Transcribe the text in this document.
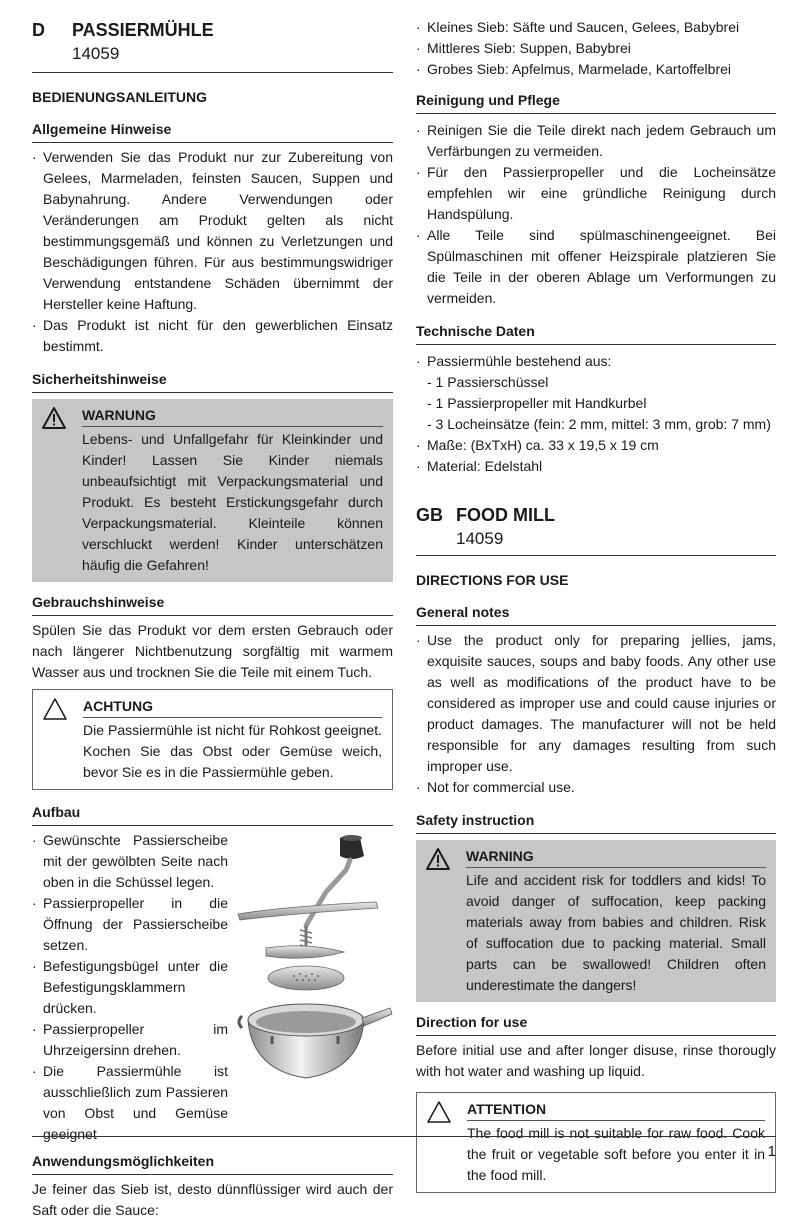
D	PASSIERMÜHLE
14059
BEDIENUNGSANLEITUNG
Allgemeine Hinweise
· Verwenden Sie das Produkt nur zur Zubereitung von Gelees, Marmeladen, feinsten Saucen, Suppen und Babynahrung. Andere Verwendungen oder Veränderungen am Produkt gelten als nicht bestimmungsgemäß und können zu Verletzungen und Beschädigungen führen. Für aus bestimmungswidriger Verwendung entstandene Schäden übernimmt der Hersteller keine Haftung.
· Das Produkt ist nicht für den gewerblichen Einsatz bestimmt.
Sicherheitshinweise
WARNUNG
Lebens- und Unfallgefahr für Kleinkinder und Kinder! Lassen Sie Kinder niemals unbeaufsichtigt mit Verpackungsmaterial und Produkt. Es besteht Erstickungsgefahr durch Verpackungsmaterial. Kleinteile können verschluckt werden! Kinder unterschätzen häufig die Gefahren!
Gebrauchshinweise

Spülen Sie das Produkt vor dem ersten Gebrauch oder nach längerer Nichtbenutzung sorgfältig mit warmem Wasser aus und trocknen Sie die Teile mit einem Tuch.

ACHTUNG
Die Passiermühle ist nicht für Rohkost geeignet. Kochen Sie das Obst oder Gemüse weich, bevor Sie es in die Passiermühle geben.
Aufbau
· Gewünschte Passierscheibe mit der gewölbten Seite nach oben in die Schüssel legen.
· Passierpropeller in die Öffnung der Passierscheibe setzen.
· Befestigungsbügel unter die Befestigungsklammern drücken.
· Passierpropeller im Uhrzeigersinn drehen.
· Die Passiermühle ist ausschließlich zum Passieren von Obst und Gemüse geeignet
Anwendungsmöglichkeiten

Je feiner das Sieb ist, desto dünnflüssiger wird auch der Saft oder die Sauce:

· Kleines Sieb: Säfte und Saucen, Gelees, Babybrei
· Mittleres Sieb: Suppen, Babybrei
· Grobes Sieb: Apfelmus, Marmelade, Kartoffelbrei
Reinigung und Pflege
· Reinigen Sie die Teile direkt nach jedem Gebrauch um Verfärbungen zu vermeiden.
· Für den Passierpropeller und die Locheinsätze empfehlen wir eine gründliche Reinigung durch Handspülung.
· Alle Teile sind spülmaschinengeeignet. Bei Spülmaschinen mit offener Heizspirale platzieren Sie die Teile in der oberen Ablage um Verformungen zu vermeiden.
Technische Daten
· Passiermühle bestehend aus:
- 1 Passierschüssel
- 1 Passierpropeller mit Handkurbel
- 3 Locheinsätze (fein: 2 mm, mittel: 3 mm, grob: 7 mm)
· Maße: (BxTxH) ca. 33 x 19,5 x 19 cm
· Material: Edelstahl
GB FOOD MILL
14059
DIRECTIONS FOR USE
General notes
· Use the product only for preparing jellies, jams, exquisite sauces, soups and baby foods. Any other use as well as modifications of the product have to be considered as improper use and could cause injuries or product damages. The manufacturer will not be held responsible for any damages resulting from such improper use.
· Not for commercial use.
Safety instruction
WARNING
Life and accident risk for toddlers and kids! To avoid danger of suffocation, keep packing materials away from babies and children. Risk of suffocation due to packing material. Small parts can be swallowed! Children often underestimate the dangers!
Direction for use

Before initial use and after longer disuse, rinse thorougly with hot water and washing up liquid.

ATTENTION
The food mill is not suitable for raw food. Cook the fruit or vegetable soft before you enter it in the food mill.
1
